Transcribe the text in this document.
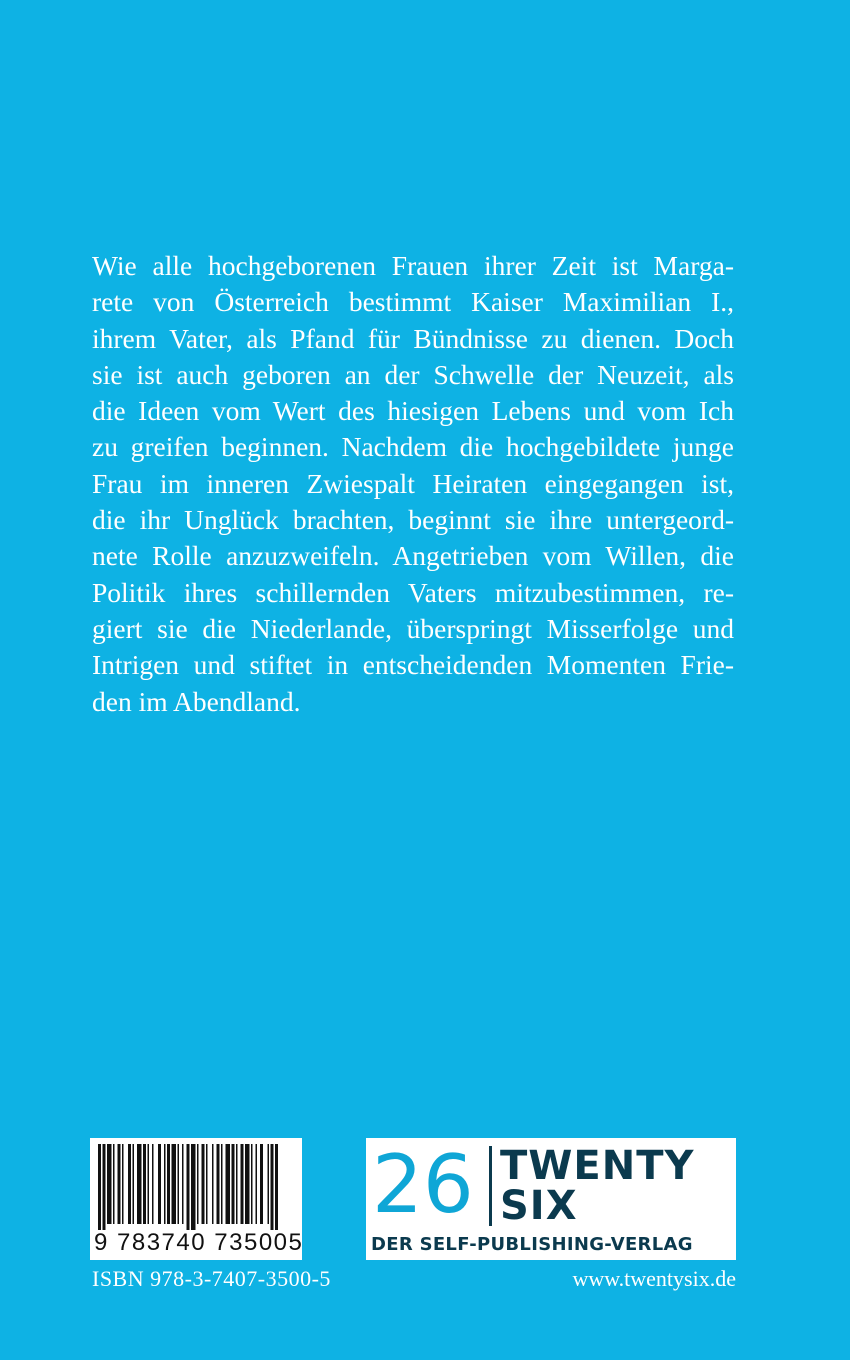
Wie alle hochgeborenen Frauen ihrer Zeit ist Marga-
rete von Österreich bestimmt Kaiser Maximilian I.,
ihrem Vater, als Pfand für Bündnisse zu dienen. Doch
sie ist auch geboren an der Schwelle der Neuzeit, als
die Ideen vom Wert des hiesigen Lebens und vom Ich
zu greifen beginnen. Nachdem die hochgebildete junge
Frau im inneren Zwiespalt Heiraten eingegangen ist,
die ihr Unglück brachten, beginnt sie ihre untergeord-
nete Rolle anzuzweifeln. Angetrieben vom Willen, die
Politik ihres schillernden Vaters mitzubestimmen, re-
giert sie die Niederlande, überspringt Misserfolge und
Intrigen und stiftet in entscheidenden Momenten Frie-
den im Abendland.
9 783740 735005
ISBN 978-3-7407-3500-5
26 TWENTY
SIX
DER SELF-PUBLISHING-VERLAG
www.twentysix.de
